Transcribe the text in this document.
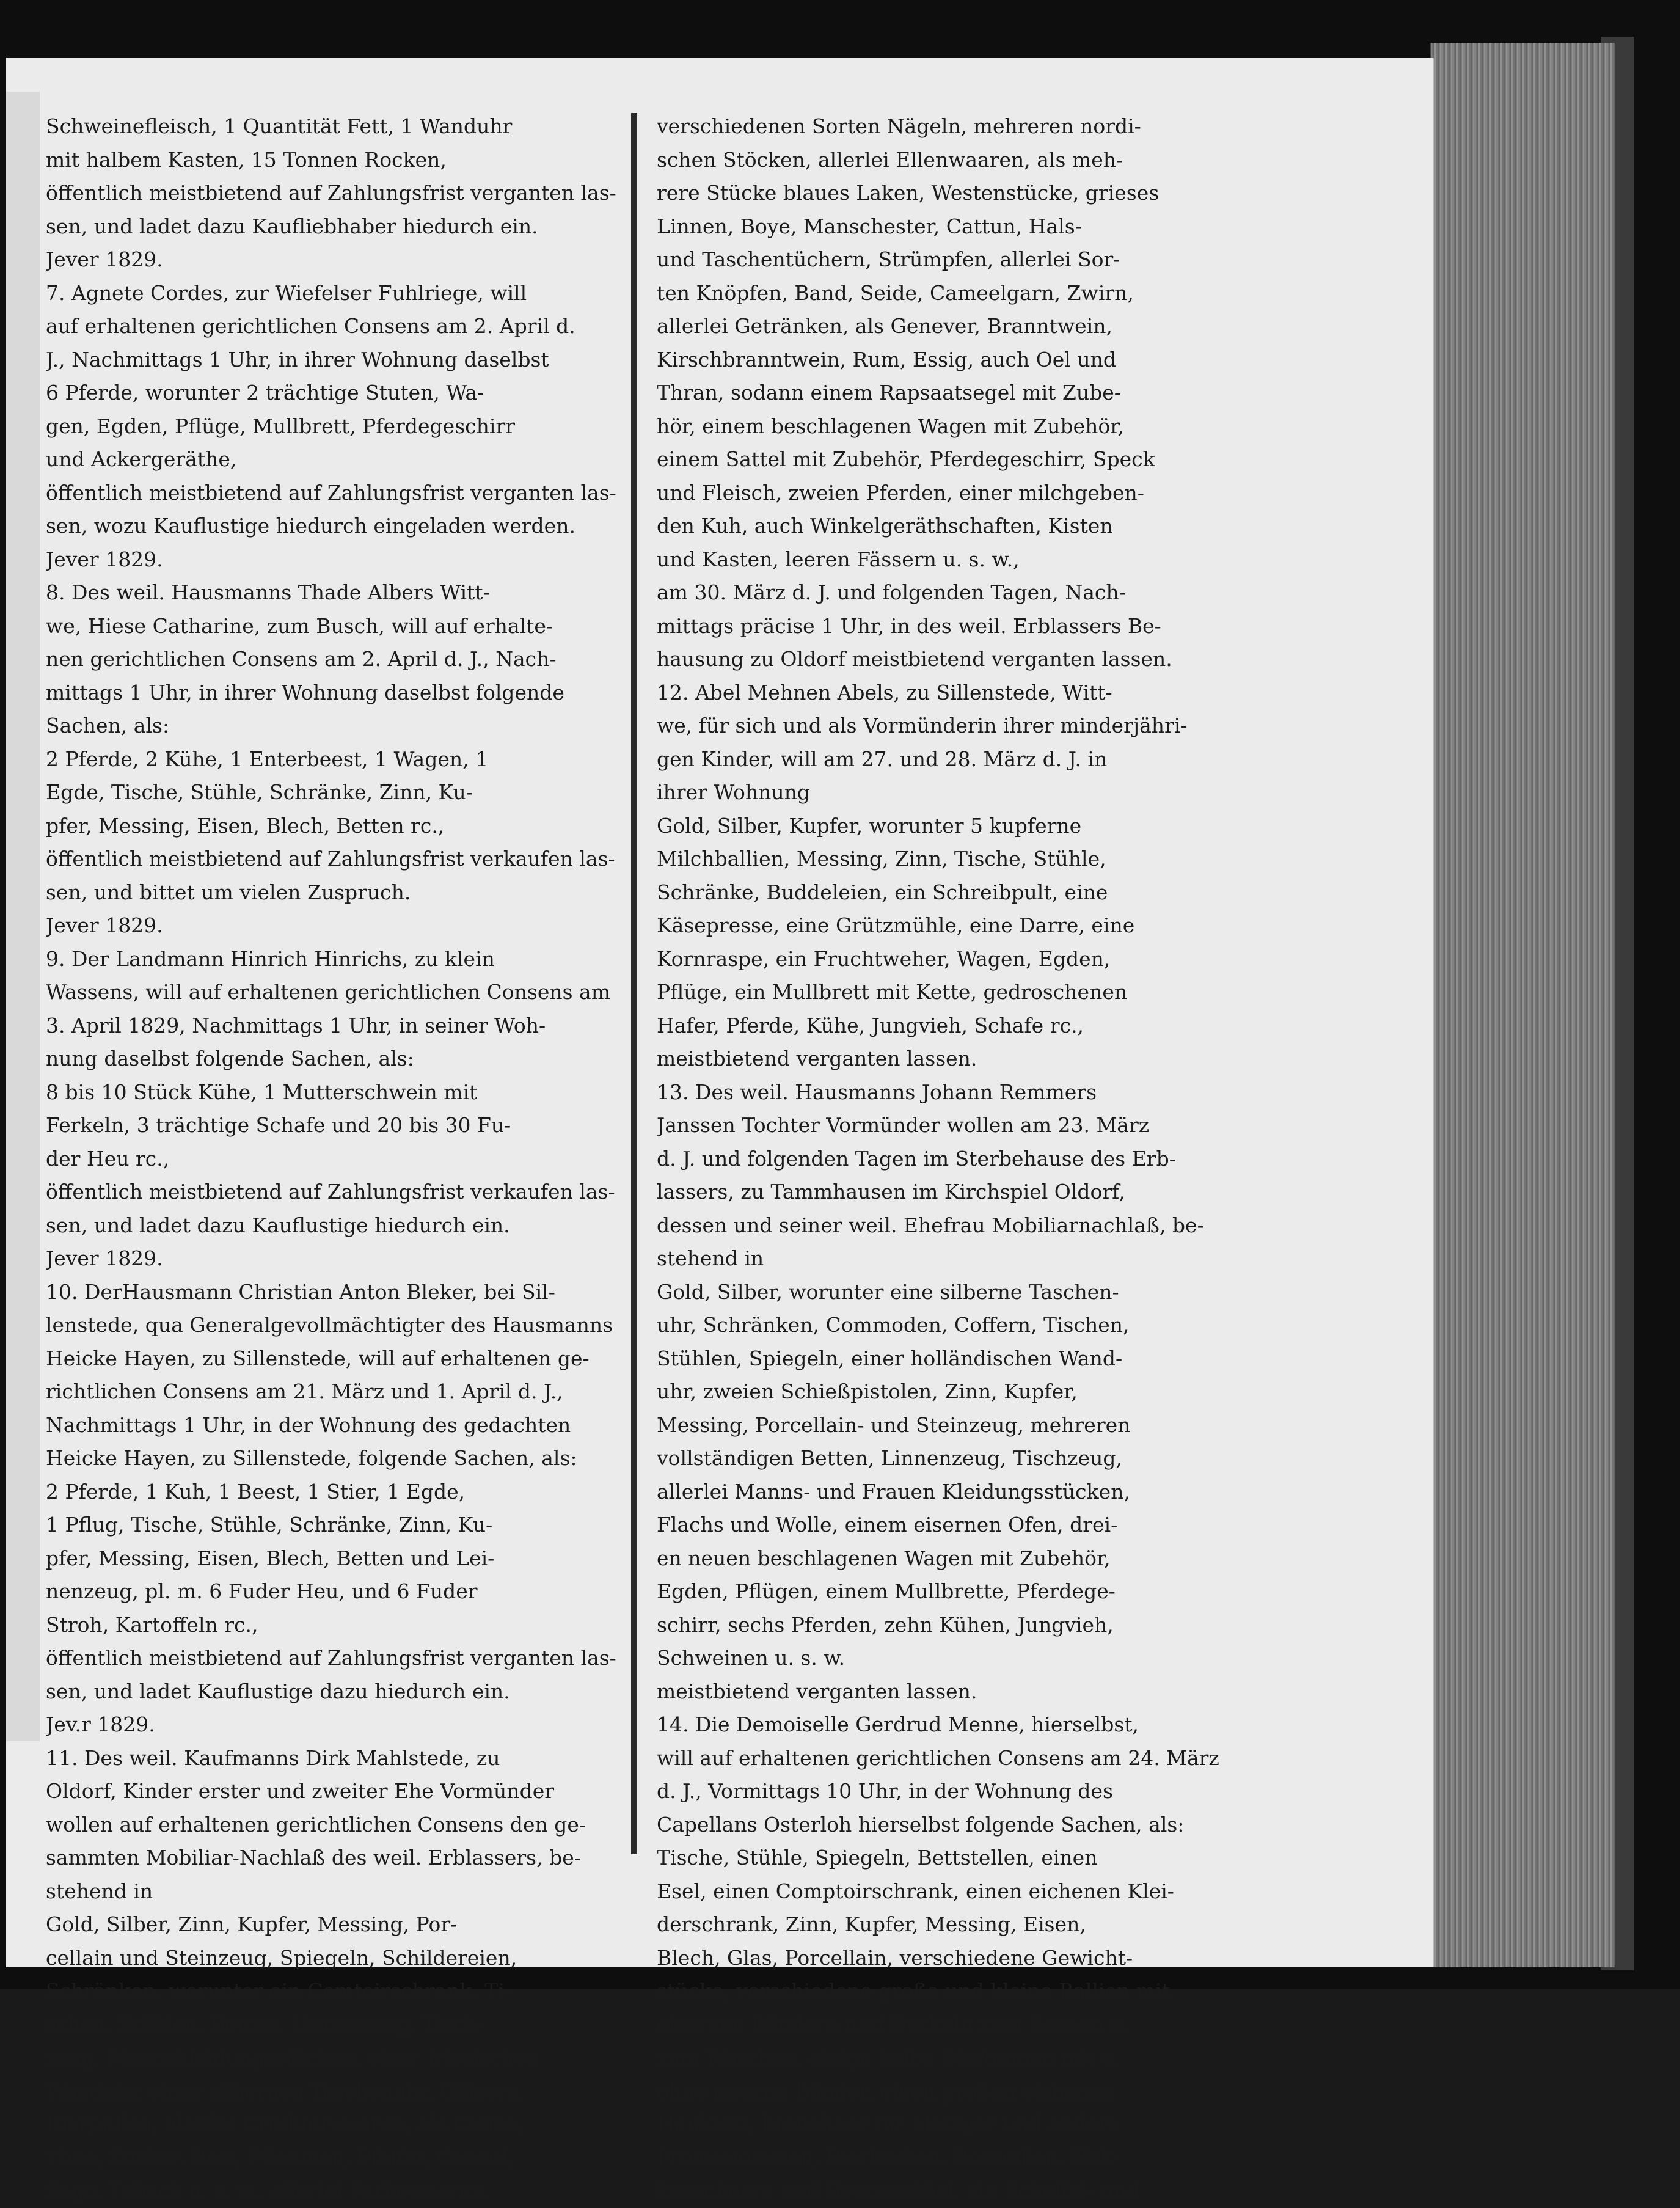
Schweinefleisch, 1 Quantität Fett, 1 Wanduhr
mit halbem Kasten, 15 Tonnen Rocken,
öffentlich meistbietend auf Zahlungsfrist verganten las-
sen, und ladet dazu Kaufliebhaber hiedurch ein.
Jever 1829.
7. Agnete Cordes, zur Wiefelser Fuhlriege, will
auf erhaltenen gerichtlichen Consens am 2. April d.
J., Nachmittags 1 Uhr, in ihrer Wohnung daselbst
6 Pferde, worunter 2 trächtige Stuten, Wa-
gen, Egden, Pflüge, Mullbrett, Pferdegeschirr
und Ackergeräthe,
öffentlich meistbietend auf Zahlungsfrist verganten las-
sen, wozu Kauflustige hiedurch eingeladen werden.
Jever 1829.
8. Des weil. Hausmanns Thade Albers Witt-
we, Hiese Catharine, zum Busch, will auf erhalte-
nen gerichtlichen Consens am 2. April d. J., Nach-
mittags 1 Uhr, in ihrer Wohnung daselbst folgende
Sachen, als:
2 Pferde, 2 Kühe, 1 Enterbeest, 1 Wagen, 1
Egde, Tische, Stühle, Schränke, Zinn, Ku-
pfer, Messing, Eisen, Blech, Betten rc.,
öffentlich meistbietend auf Zahlungsfrist verkaufen las-
sen, und bittet um vielen Zuspruch.
Jever 1829.
9. Der Landmann Hinrich Hinrichs, zu klein
Wassens, will auf erhaltenen gerichtlichen Consens am
3. April 1829, Nachmittags 1 Uhr, in seiner Woh-
nung daselbst folgende Sachen, als:
8 bis 10 Stück Kühe, 1 Mutterschwein mit
Ferkeln, 3 trächtige Schafe und 20 bis 30 Fu-
der Heu rc.,
öffentlich meistbietend auf Zahlungsfrist verkaufen las-
sen, und ladet dazu Kauflustige hiedurch ein.
Jever 1829.
10. DerHausmann Christian Anton Bleker, bei Sil-
lenstede, qua Generalgevollmächtigter des Hausmanns
Heicke Hayen, zu Sillenstede, will auf erhaltenen ge-
richtlichen Consens am 21. März und 1. April d. J.,
Nachmittags 1 Uhr, in der Wohnung des gedachten
Heicke Hayen, zu Sillenstede, folgende Sachen, als:
2 Pferde, 1 Kuh, 1 Beest, 1 Stier, 1 Egde,
1 Pflug, Tische, Stühle, Schränke, Zinn, Ku-
pfer, Messing, Eisen, Blech, Betten und Lei-
nenzeug, pl. m. 6 Fuder Heu, und 6 Fuder
Stroh, Kartoffeln rc.,
öffentlich meistbietend auf Zahlungsfrist verganten las-
sen, und ladet Kauflustige dazu hiedurch ein.
Jev.r 1829.
11. Des weil. Kaufmanns Dirk Mahlstede, zu
Oldorf, Kinder erster und zweiter Ehe Vormünder
wollen auf erhaltenen gerichtlichen Consens den ge-
sammten Mobiliar-Nachlaß des weil. Erblassers, be-
stehend in
Gold, Silber, Zinn, Kupfer, Messing, Por-
cellain und Steinzeug, Spiegeln, Schildereien,
Schränken, worunter ein Comtoirschrank, Ti-
schen, Stühlen, Betten, Linnenzeug, Tisch-
zeug, Mannskleidungsstücken, einer friesischen
Wanduhr, einer silbernen Taschenuhr, Gläsern,
Bierpullen, allerlei Crüdinirwaaren, als Caffee,
Thee, Zucker, Reis, Pflaumen, Pfeffer, Caneel,
Sago, Taback u. s. w., allerlei Farbewaaren,
verschiedenen Sorten Nägeln, mehreren nordi-
schen Stöcken, allerlei Ellenwaaren, als meh-
rere Stücke blaues Laken, Westenstücke, grieses
Linnen, Boye, Manschester, Cattun, Hals-
und Taschentüchern, Strümpfen, allerlei Sor-
ten Knöpfen, Band, Seide, Cameelgarn, Zwirn,
allerlei Getränken, als Genever, Branntwein,
Kirschbranntwein, Rum, Essig, auch Oel und
Thran, sodann einem Rapsaatsegel mit Zube-
hör, einem beschlagenen Wagen mit Zubehör,
einem Sattel mit Zubehör, Pferdegeschirr, Speck
und Fleisch, zweien Pferden, einer milchgeben-
den Kuh, auch Winkelgeräthschaften, Kisten
und Kasten, leeren Fässern u. s. w.,
am 30. März d. J. und folgenden Tagen, Nach-
mittags präcise 1 Uhr, in des weil. Erblassers Be-
hausung zu Oldorf meistbietend verganten lassen.
12. Abel Mehnen Abels, zu Sillenstede, Witt-
we, für sich und als Vormünderin ihrer minderjähri-
gen Kinder, will am 27. und 28. März d. J. in
ihrer Wohnung
Gold, Silber, Kupfer, worunter 5 kupferne
Milchballien, Messing, Zinn, Tische, Stühle,
Schränke, Buddeleien, ein Schreibpult, eine
Käsepresse, eine Grützmühle, eine Darre, eine
Kornraspe, ein Fruchtweher, Wagen, Egden,
Pflüge, ein Mullbrett mit Kette, gedroschenen
Hafer, Pferde, Kühe, Jungvieh, Schafe rc.,
meistbietend verganten lassen.
13. Des weil. Hausmanns Johann Remmers
Janssen Tochter Vormünder wollen am 23. März
d. J. und folgenden Tagen im Sterbehause des Erb-
lassers, zu Tammhausen im Kirchspiel Oldorf,
dessen und seiner weil. Ehefrau Mobiliarnachlaß, be-
stehend in
Gold, Silber, worunter eine silberne Taschen-
uhr, Schränken, Commoden, Coffern, Tischen,
Stühlen, Spiegeln, einer holländischen Wand-
uhr, zweien Schießpistolen, Zinn, Kupfer,
Messing, Porcellain- und Steinzeug, mehreren
vollständigen Betten, Linnenzeug, Tischzeug,
allerlei Manns- und Frauen Kleidungsstücken,
Flachs und Wolle, einem eisernen Ofen, drei-
en neuen beschlagenen Wagen mit Zubehör,
Egden, Pflügen, einem Mullbrette, Pferdege-
schirr, sechs Pferden, zehn Kühen, Jungvieh,
Schweinen u. s. w.
meistbietend verganten lassen.
14. Die Demoiselle Gerdrud Menne, hierselbst,
will auf erhaltenen gerichtlichen Consens am 24. März
d. J., Vormittags 10 Uhr, in der Wohnung des
Capellans Osterloh hierselbst folgende Sachen, als:
Tische, Stühle, Spiegeln, Bettstellen, einen
Esel, einen Comptoirschrank, einen eichenen Klei-
derschrank, Zinn, Kupfer, Messing, Eisen,
Blech, Glas, Porcellain, verschiedene Gewicht-
stücke, verschiedene große und kleine Ballien mit
eisernen Bändern und Deckeln zum Brauen u.
zum Waschen, einige halbe Biertonnen mit u.
ohne eiserne Bänder, einen großen eichenen
Hauklotz, brauchbar für Metzger und andere
Professionisten, Bierkruken, Bouteillen, Hek-
kenscheere und Baummeißel, ein Scheffel- und
